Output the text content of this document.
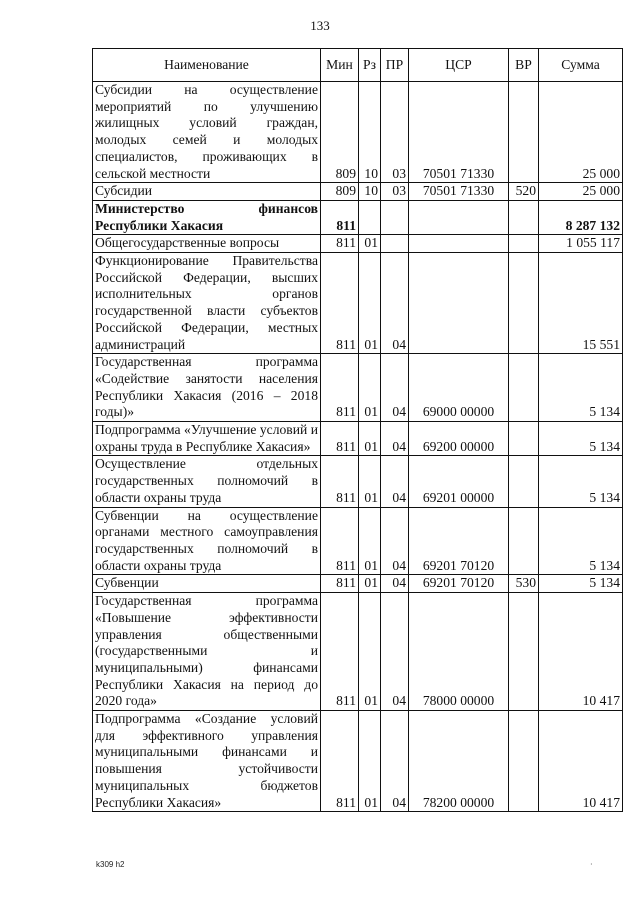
133
Наименование	Мин	Рз	ПР	ЦСР	ВР	Сумма
Субсидии на осуществление мероприятий по улучшению жилищных условий граждан, молодых семей и молодых специалистов, проживающих в сельской местности	809	10	03	70501 71330		25 000
Субсидии	809	10	03	70501 71330	520	25 000
Министерство финансов Республики Хакасия	811					8 287 132
Общегосударственные вопросы	811	01				1 055 117
Функционирование Правительства Российской Федерации, высших исполнительных органов государственной власти субъектов Российской Федерации, местных администраций	811	01	04			15 551
Государственная программа «Содействие занятости населения Республики Хакасия (2016 – 2018 годы)»	811	01	04	69000 00000		5 134
Подпрограмма «Улучшение условий и охраны труда в Республике Хакасия»	811	01	04	69200 00000		5 134
Осуществление отдельных государственных полномочий в области охраны труда	811	01	04	69201 00000		5 134
Субвенции на осуществление органами местного самоуправления государственных полномочий в области охраны труда	811	01	04	69201 70120		5 134
Субвенции	811	01	04	69201 70120	530	5 134
Государственная программа «Повышение эффективности управления общественными (государственными и муниципальными) финансами Республики Хакасия на период до 2020 года»	811	01	04	78000 00000		10 417
Подпрограмма «Создание условий для эффективного управления муниципальными финансами и повышения устойчивости муниципальных бюджетов Республики Хакасия»	811	01	04	78200 00000		10 417
k309 h2	·
